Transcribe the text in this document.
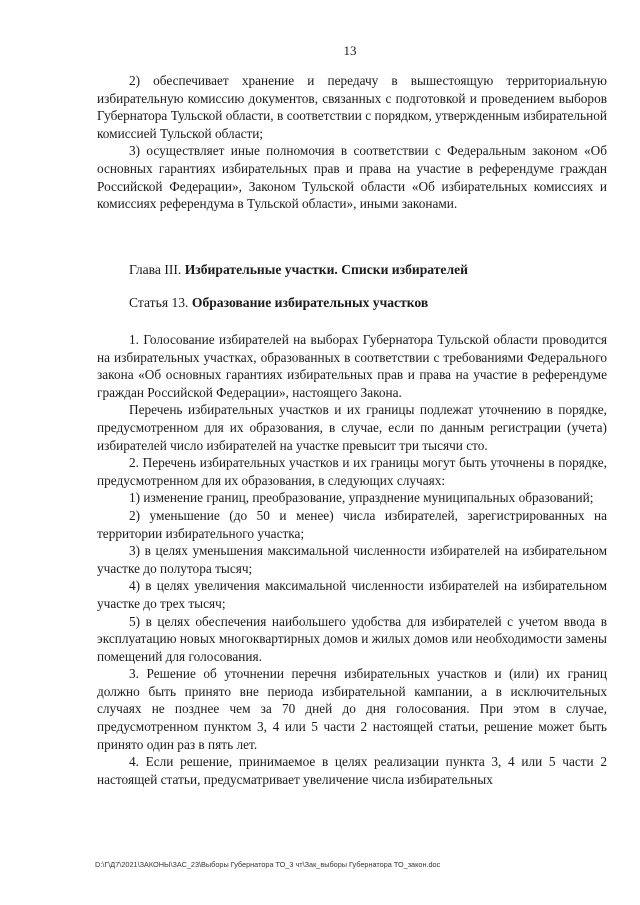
13

2) обеспечивает хранение и передачу в вышестоящую территориальную избирательную комиссию документов, связанных с подготовкой и проведением выборов Губернатора Тульской области, в соответствии с порядком, утвержденным избирательной комиссией Тульской области;

3) осуществляет иные полномочия в соответствии с Федеральным законом «Об основных гарантиях избирательных прав и права на участие в референдуме граждан Российской Федерации», Законом Тульской области «Об избирательных комиссиях и комиссиях референдума в Тульской области», иными законами.

Глава III. Избирательные участки. Списки избирателей

Статья 13. Образование избирательных участков

1. Голосование избирателей на выборах Губернатора Тульской области проводится на избирательных участках, образованных в соответствии с требованиями Федерального закона «Об основных гарантиях избирательных прав и права на участие в референдуме граждан Российской Федерации», настоящего Закона.

Перечень избирательных участков и их границы подлежат уточнению в порядке, предусмотренном для их образования, в случае, если по данным регистрации (учета) избирателей число избирателей на участке превысит три тысячи сто.

2. Перечень избирательных участков и их границы могут быть уточнены в порядке, предусмотренном для их образования, в следующих случаях:

1) изменение границ, преобразование, упразднение муниципальных образований;

2) уменьшение (до 50 и менее) числа избирателей, зарегистрированных на территории избирательного участка;

3) в целях уменьшения максимальной численности избирателей на избирательном участке до полутора тысяч;

4) в целях увеличения максимальной численности избирателей на избирательном участке до трех тысяч;

5) в целях обеспечения наибольшего удобства для избирателей с учетом ввода в эксплуатацию новых многоквартирных домов и жилых домов или необходимости замены помещений для голосования.

3. Решение об уточнении перечня избирательных участков и (или) их границ должно быть принято вне периода избирательной кампании, а в исключительных случаях не позднее чем за 70 дней до дня голосования. При этом в случае, предусмотренном пунктом 3, 4 или 5 части 2 настоящей статьи, решение может быть принято один раз в пять лет.

4. Если решение, принимаемое в целях реализации пункта 3, 4 или 5 части 2 настоящей статьи, предусматривает увеличение числа избирательных

D:\Г\Д7\2021\ЗАКОНЫ\ЗАС_23\Выборы Губернатора ТО_3 чт\Зак_выборы Губернатора ТО_закон.doc
